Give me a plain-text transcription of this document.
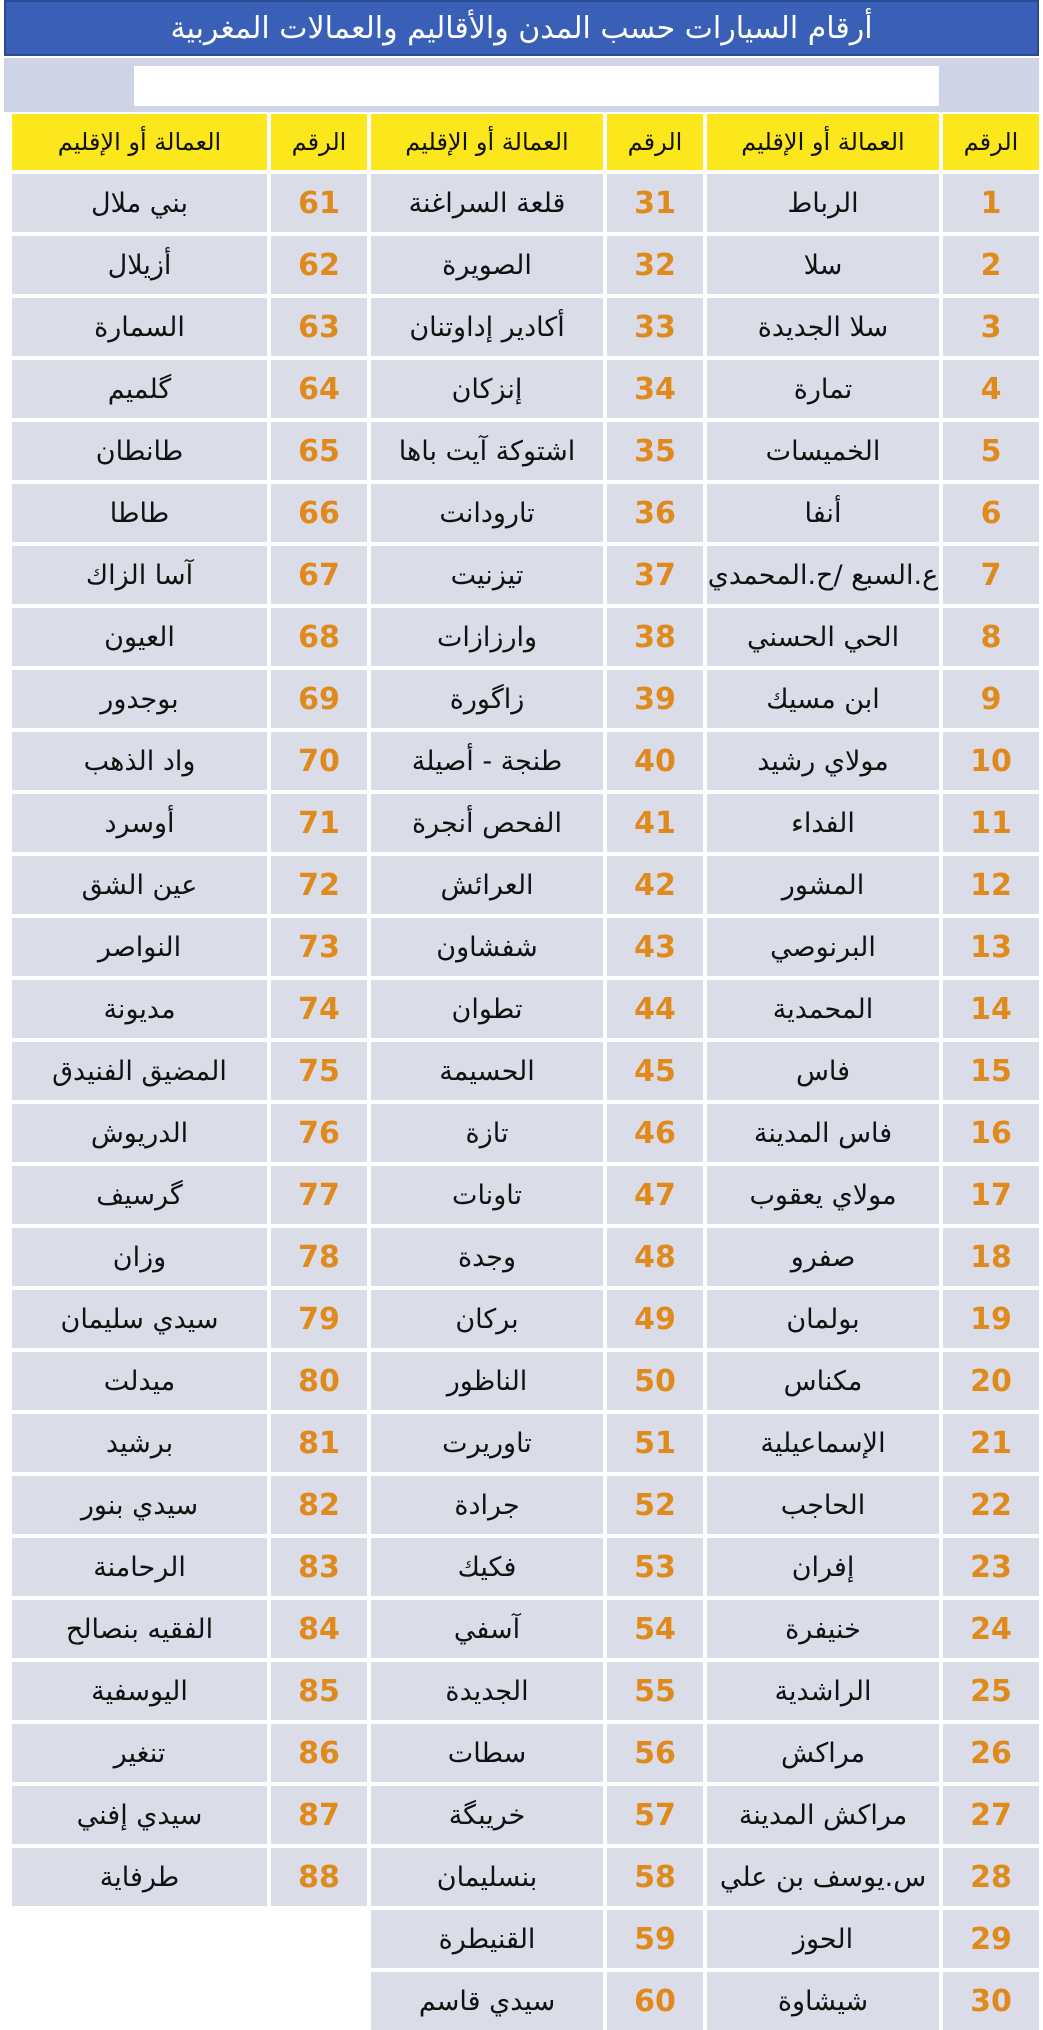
أرقام السيارات حسب المدن والأقاليم والعمالات المغربية
الرقم
العمالة أو الإقليم
الرقم
العمالة أو الإقليم
الرقم
العمالة أو الإقليم
1
الرباط
31
قلعة السراغنة
61
بني ملال
2
سلا
32
الصويرة
62
أزيلال
3
سلا الجديدة
33
أكادير إداوتنان
63
السمارة
4
تمارة
34
إنزكان
64
گلميم
5
الخميسات
35
اشتوكة آيت باها
65
طانطان
6
أنفا
36
تارودانت
66
طاطا
7
ع.السبع /ح.المحمدي
37
تيزنيت
67
آسا الزاك
8
الحي الحسني
38
وارزازات
68
العيون
9
ابن مسيك
39
زاگورة
69
بوجدور
10
مولاي رشيد
40
طنجة - أصيلة
70
واد الذهب
11
الفداء
41
الفحص أنجرة
71
أوسرد
12
المشور
42
العرائش
72
عين الشق
13
البرنوصي
43
شفشاون
73
النواصر
14
المحمدية
44
تطوان
74
مديونة
15
فاس
45
الحسيمة
75
المضيق الفنيدق
16
فاس المدينة
46
تازة
76
الدريوش
17
مولاي يعقوب
47
تاونات
77
گرسيف
18
صفرو
48
وجدة
78
وزان
19
بولمان
49
بركان
79
سيدي سليمان
20
مكناس
50
الناظور
80
ميدلت
21
الإسماعيلية
51
تاوريرت
81
برشيد
22
الحاجب
52
جرادة
82
سيدي بنور
23
إفران
53
فكيك
83
الرحامنة
24
خنيفرة
54
آسفي
84
الفقيه بنصالح
25
الراشدية
55
الجديدة
85
اليوسفية
26
مراكش
56
سطات
86
تنغير
27
مراكش المدينة
57
خريبگة
87
سيدي إفني
28
س.يوسف بن علي
58
بنسليمان
88
طرفاية
29
الحوز
59
القنيطرة
30
شيشاوة
60
سيدي قاسم
